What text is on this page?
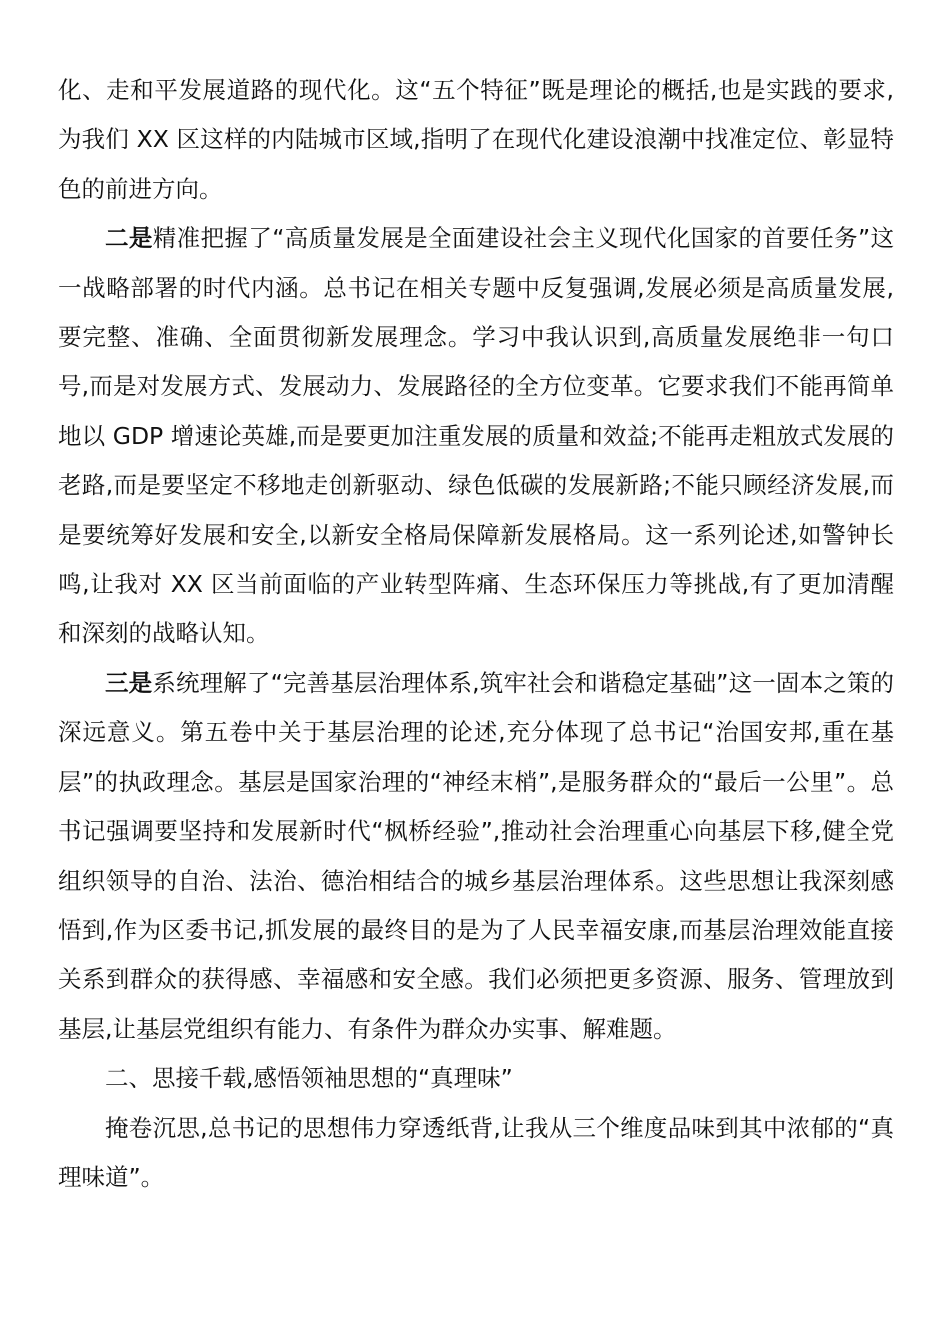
化、走和平发展道路的现代化。这“五个特征”既是理论的概括,也是实践的要求,为我们 XX 区这样的内陆城市区域,指明了在现代化建设浪潮中找准定位、彰显特色的前进方向。

二是精准把握了“高质量发展是全面建设社会主义现代化国家的首要任务”这一战略部署的时代内涵。总书记在相关专题中反复强调,发展必须是高质量发展,要完整、准确、全面贯彻新发展理念。学习中我认识到,高质量发展绝非一句口号,而是对发展方式、发展动力、发展路径的全方位变革。它要求我们不能再简单地以 GDP 增速论英雄,而是要更加注重发展的质量和效益;不能再走粗放式发展的老路,而是要坚定不移地走创新驱动、绿色低碳的发展新路;不能只顾经济发展,而是要统筹好发展和安全,以新安全格局保障新发展格局。这一系列论述,如警钟长鸣,让我对 XX 区当前面临的产业转型阵痛、生态环保压力等挑战,有了更加清醒和深刻的战略认知。

三是系统理解了“完善基层治理体系,筑牢社会和谐稳定基础”这一固本之策的深远意义。第五卷中关于基层治理的论述,充分体现了总书记“治国安邦,重在基层”的执政理念。基层是国家治理的“神经末梢”,是服务群众的“最后一公里”。总书记强调要坚持和发展新时代“枫桥经验”,推动社会治理重心向基层下移,健全党组织领导的自治、法治、德治相结合的城乡基层治理体系。这些思想让我深刻感悟到,作为区委书记,抓发展的最终目的是为了人民幸福安康,而基层治理效能直接关系到群众的获得感、幸福感和安全感。我们必须把更多资源、服务、管理放到基层,让基层党组织有能力、有条件为群众办实事、解难题。

二、思接千载,感悟领袖思想的“真理味”

掩卷沉思,总书记的思想伟力穿透纸背,让我从三个维度品味到其中浓郁的“真理味道”。
